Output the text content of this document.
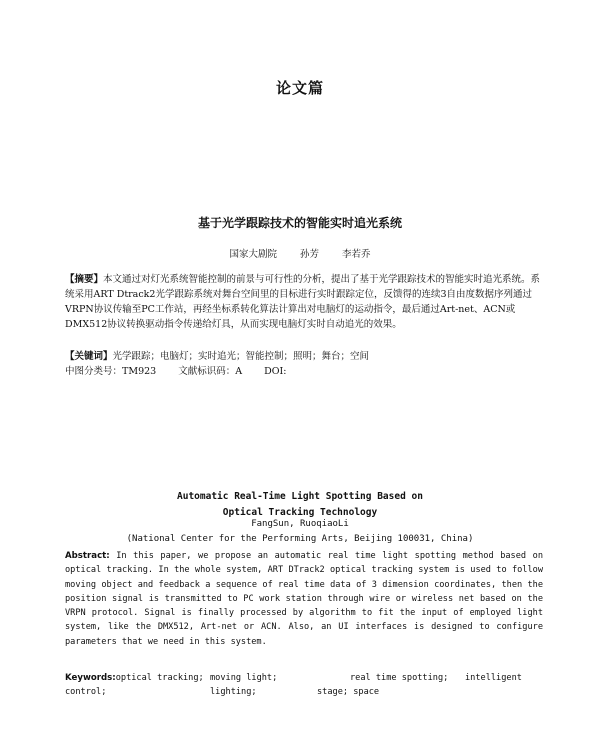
论文篇
基于光学跟踪技术的智能实时追光系统
国家大剧院 孙芳 李若乔
【摘要】本文通过对灯光系统智能控制的前景与可行性的分析，提出了基于光学跟踪技术的智能实时追光系统。系统采用ART Dtrack2光学跟踪系统对舞台空间里的目标进行实时跟踪定位，反馈得的连续3自由度数据序列通过VRPN协议传输至PC工作站，再经坐标系转化算法计算出对电脑灯的运动指令，最后通过Art-net、ACN或DMX512协议转换驱动指令传递给灯具，从而实现电脑灯实时自动追光的效果。
【关键词】光学跟踪；电脑灯；实时追光；智能控制；照明；舞台；空间
中图分类号：TM923 文献标识码：A DOI:
Automatic Real-Time Light Spotting Based on
Optical Tracking Technology
FangSun, RuoqiaoLi
(National Center for the Performing Arts, Beijing 100031, China)
Abstract: In this paper, we propose an automatic real time light spotting method based on optical tracking. In the whole system, ART DTrack2 optical tracking system is used to follow moving object and feedback a sequence of real time data of 3 dimension coordinates, then the position signal is transmitted to PC work station through wire or wireless net based on the VRPN protocol. Signal is finally processed by algorithm to fit the input of employed light system, like the DMX512, Art-net or ACN. Also, an UI interfaces is designed to configure parameters that we need in this system.
Keywords:optical tracking; moving light;	real time spotting;	intelligent
control;	lighting;	stage; space
